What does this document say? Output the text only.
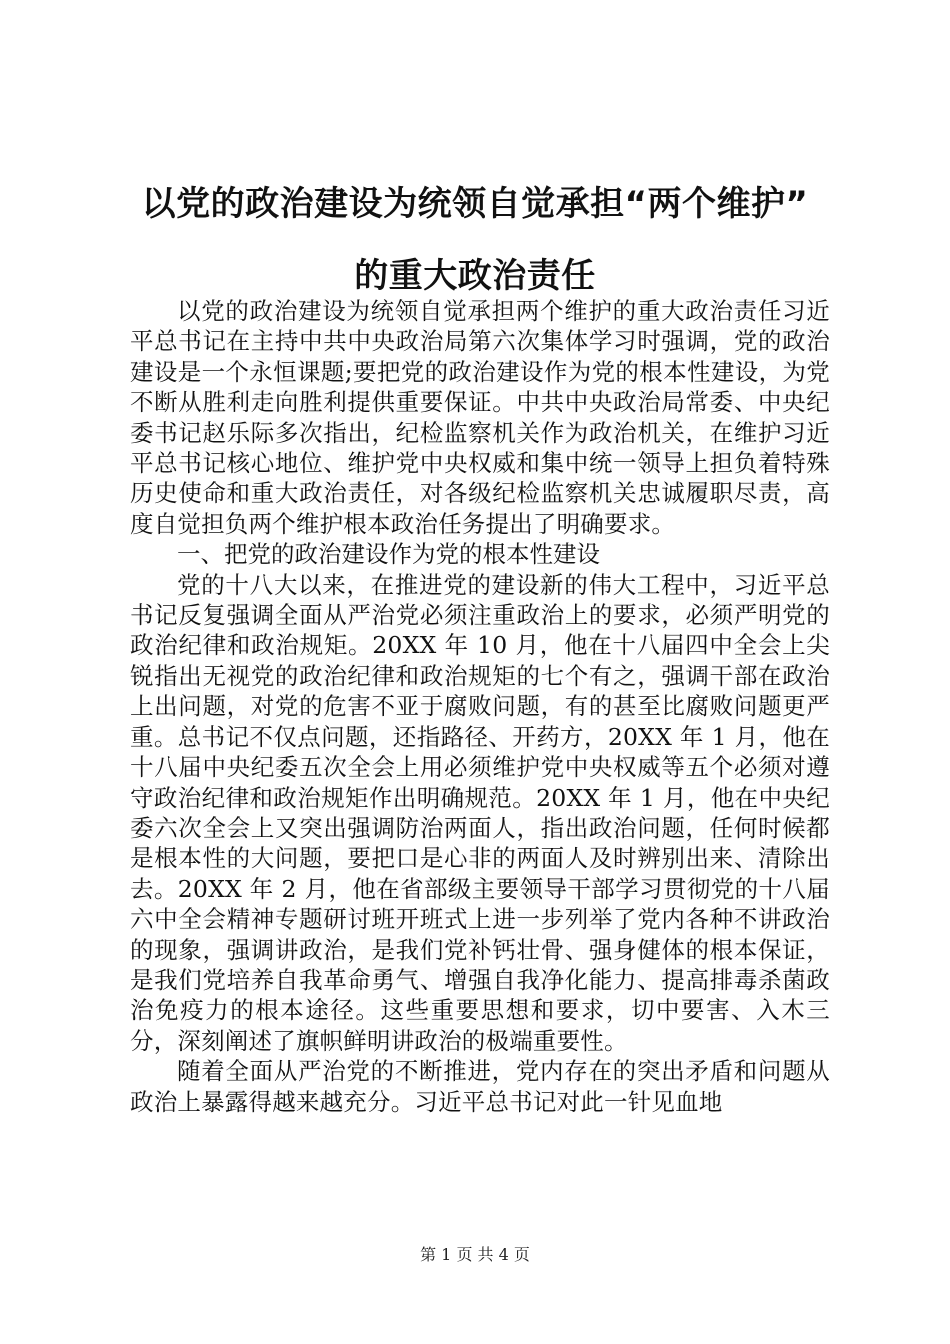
以党的政治建设为统领自觉承担“两个维护”
的重大政治责任

以党的政治建设为统领自觉承担两个维护的重大政治责任习近平总书记在主持中共中央政治局第六次集体学习时强调，党的政治建设是一个永恒课题;要把党的政治建设作为党的根本性建设，为党不断从胜利走向胜利提供重要保证。中共中央政治局常委、中央纪委书记赵乐际多次指出，纪检监察机关作为政治机关，在维护习近平总书记核心地位、维护党中央权威和集中统一领导上担负着特殊历史使命和重大政治责任，对各级纪检监察机关忠诚履职尽责，高度自觉担负两个维护根本政治任务提出了明确要求。

一、把党的政治建设作为党的根本性建设

党的十八大以来，在推进党的建设新的伟大工程中，习近平总书记反复强调全面从严治党必须注重政治上的要求，必须严明党的政治纪律和政治规矩。20XX 年 10 月，他在十八届四中全会上尖锐指出无视党的政治纪律和政治规矩的七个有之，强调干部在政治上出问题，对党的危害不亚于腐败问题，有的甚至比腐败问题更严重。总书记不仅点问题，还指路径、开药方，20XX 年 1 月，他在十八届中央纪委五次全会上用必须维护党中央权威等五个必须对遵守政治纪律和政治规矩作出明确规范。20XX 年 1 月，他在中央纪委六次全会上又突出强调防治两面人，指出政治问题，任何时候都是根本性的大问题，要把口是心非的两面人及时辨别出来、清除出去。20XX 年 2 月，他在省部级主要领导干部学习贯彻党的十八届六中全会精神专题研讨班开班式上进一步列举了党内各种不讲政治的现象，强调讲政治，是我们党补钙壮骨、强身健体的根本保证，是我们党培养自我革命勇气、增强自我净化能力、提高排毒杀菌政治免疫力的根本途径。这些重要思想和要求，切中要害、入木三分，深刻阐述了旗帜鲜明讲政治的极端重要性。

随着全面从严治党的不断推进，党内存在的突出矛盾和问题从政治上暴露得越来越充分。习近平总书记对此一针见血地

第 1 页 共 4 页
